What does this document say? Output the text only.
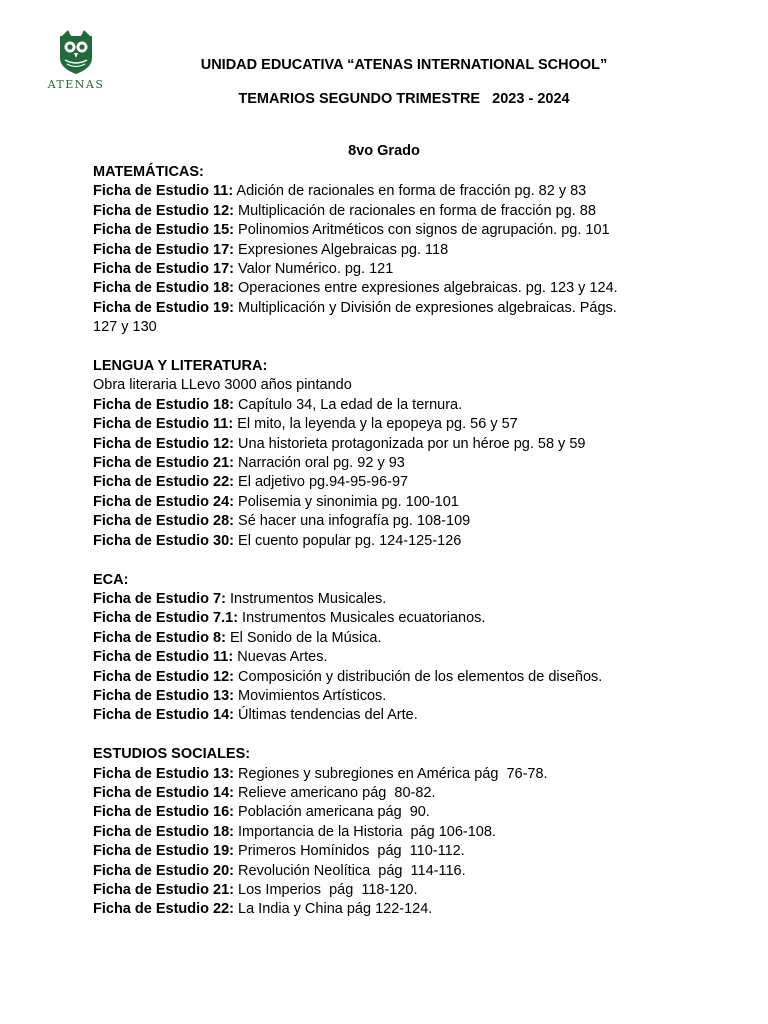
ATENAS
UNIDAD EDUCATIVA “ATENAS INTERNATIONAL SCHOOL”
TEMARIOS SEGUNDO TRIMESTRE   2023 - 2024
8vo Grado
MATEMÁTICAS:
Ficha de Estudio 11: Adición de racionales en forma de fracción pg. 82 y 83
Ficha de Estudio 12: Multiplicación de racionales en forma de fracción pg. 88
Ficha de Estudio 15: Polinomios Aritméticos con signos de agrupación. pg. 101
Ficha de Estudio 17: Expresiones Algebraicas pg. 118
Ficha de Estudio 17: Valor Numérico. pg. 121
Ficha de Estudio 18: Operaciones entre expresiones algebraicas. pg. 123 y 124.
Ficha de Estudio 19: Multiplicación y División de expresiones algebraicas. Págs.
127 y 130
LENGUA Y LITERATURA:
Obra literaria LLevo 3000 años pintando
Ficha de Estudio 18: Capítulo 34, La edad de la ternura.
Ficha de Estudio 11: El mito, la leyenda y la epopeya pg. 56 y 57
Ficha de Estudio 12: Una historieta protagonizada por un héroe pg. 58 y 59
Ficha de Estudio 21: Narración oral pg. 92 y 93
Ficha de Estudio 22: El adjetivo pg.94-95-96-97
Ficha de Estudio 24: Polisemia y sinonimia pg. 100-101
Ficha de Estudio 28: Sé hacer una infografía pg. 108-109
Ficha de Estudio 30: El cuento popular pg. 124-125-126
ECA:
Ficha de Estudio 7: Instrumentos Musicales.
Ficha de Estudio 7.1: Instrumentos Musicales ecuatorianos.
Ficha de Estudio 8: El Sonido de la Música.
Ficha de Estudio 11: Nuevas Artes.
Ficha de Estudio 12: Composición y distribución de los elementos de diseños.
Ficha de Estudio 13: Movimientos Artísticos.
Ficha de Estudio 14: Últimas tendencias del Arte.
ESTUDIOS SOCIALES:
Ficha de Estudio 13: Regiones y subregiones en América pág  76-78.
Ficha de Estudio 14: Relieve americano pág  80-82.
Ficha de Estudio 16: Población americana pág  90.
Ficha de Estudio 18: Importancia de la Historia  pág 106-108.
Ficha de Estudio 19: Primeros Homínidos  pág  110-112.
Ficha de Estudio 20: Revolución Neolítica  pág  114-116.
Ficha de Estudio 21: Los Imperios  pág  118-120.
Ficha de Estudio 22: La India y China pág 122-124.
